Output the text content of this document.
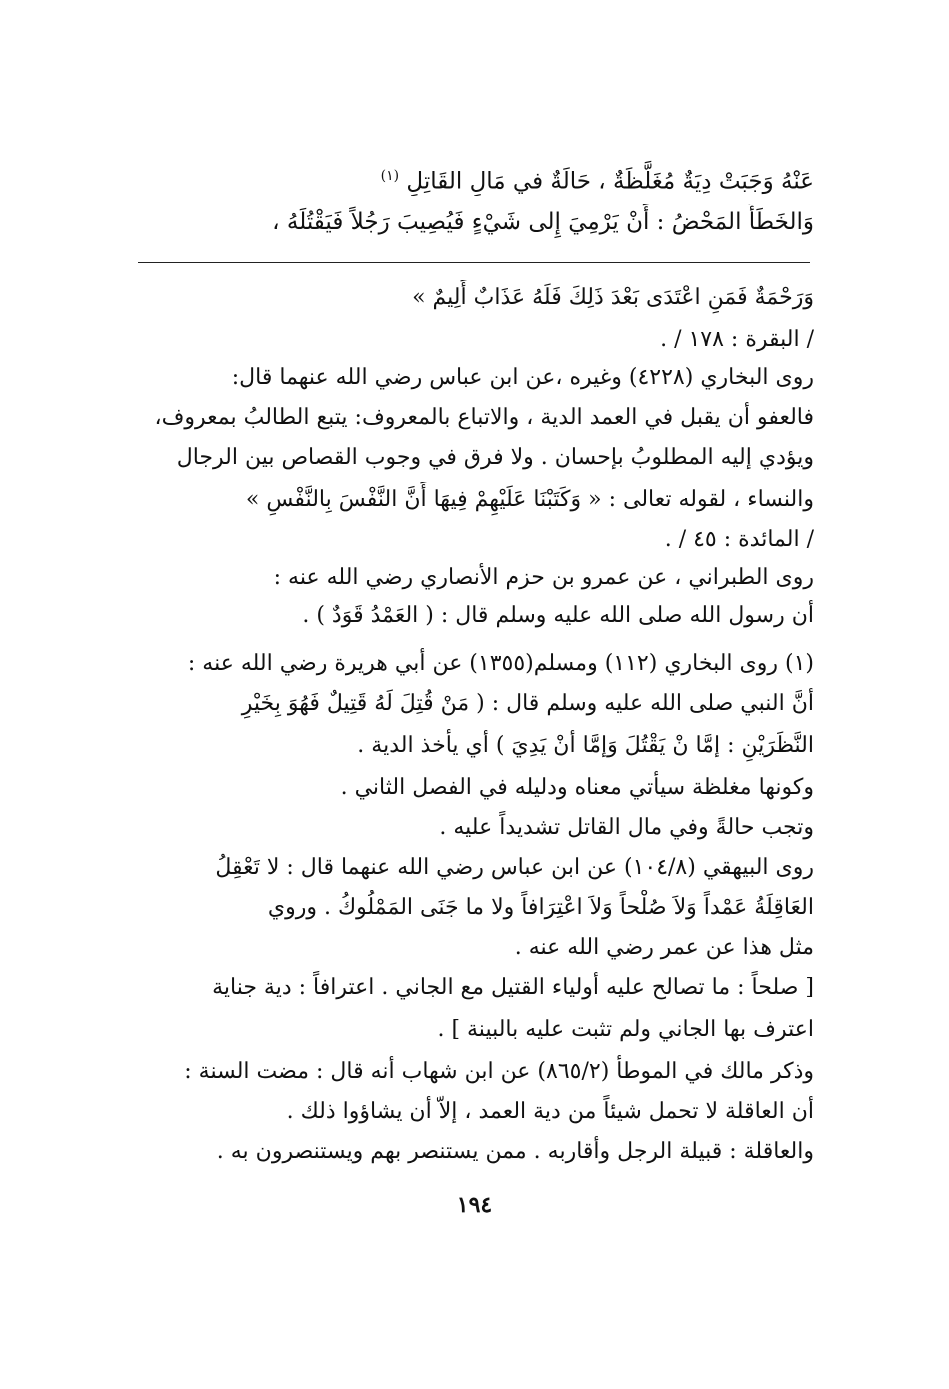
عَنْهُ وَجَبَتْ دِيَةٌ مُغَلَّظَةٌ ، حَالَةٌ في مَالِ القَاتِلِ $^{(١)}$
وَالخَطَأُ المَحْضُ : أَنْ يَرْمِيَ إِلى شَيْءٍ فَيُصِيبَ رَجُلاً فَيَقْتُلَهُ ،
وَرَحْمَةٌ فَمَنِ اعْتَدَى بَعْدَ ذَلِكَ فَلَهُ عَذَابٌ أَلِيمٌ »
/ البقرة : ١٧٨ / .
روى البخاري (٤٢٢٨) وغيره ،عن ابن عباس رضي الله عنهما قال:
فالعفو أن يقبل في العمد الدية ، والاتباع بالمعروف: يتبع الطالبُ بمعروف،
ويؤدي إليه المطلوبُ بإحسان . ولا فرق في وجوب القصاص بين الرجال
والنساء ، لقوله تعالى : « وَكَتَبْنَا عَلَيْهِمْ فِيهَا أَنَّ النَّفْسَ بِالنَّفْسِ »
/ المائدة : ٤٥ / .
روى الطبراني ، عن عمرو بن حزم الأنصاري رضي الله عنه :
أن رسول الله صلى الله عليه وسلم قال : ( العَمْدُ قَوَدٌ ) .
(١) روى البخاري (١١٢) ومسلم(١٣٥٥) عن أبي هريرة رضي الله عنه :
أنَّ النبي صلى الله عليه وسلم قال : ( مَنْ قُتِلَ لَهُ قَتِيلٌ فَهُوَ بِخَيْرِ
النَّظَرَيْنِ : إمَّا نْ يَقْتُلَ وَإمَّا أنْ يَدِيَ ) أي يأخذ الدية .
وكونها مغلظة سيأتي معناه ودليله في الفصل الثاني .
وتجب حالةً وفي مال القاتل تشديداً عليه .
روى البيهقي (١٠٤/٨) عن ابن عباس رضي الله عنهما قال : لا تَعْقِلُ
العَاقِلَةُ عَمْداً وَلاَ صُلْحاً وَلاَ اعْتِرَافاً ولا ما جَنَى المَمْلُوكُ . وروي
مثل هذا عن عمر رضي الله عنه .
[ صلحاً : ما تصالح عليه أولياء القتيل مع الجاني . اعترافاً : دية جناية
اعترف بها الجاني ولم تثبت عليه بالبينة ] .
وذكر مالك في الموطأ (٨٦٥/٢) عن ابن شهاب أنه قال : مضت السنة :
أن العاقلة لا تحمل شيئاً من دية العمد ، إلاّ أن يشاؤوا ذلك .
والعاقلة : قبيلة الرجل وأقاربه . ممن يستنصر بهم ويستنصرون به .
١٩٤
